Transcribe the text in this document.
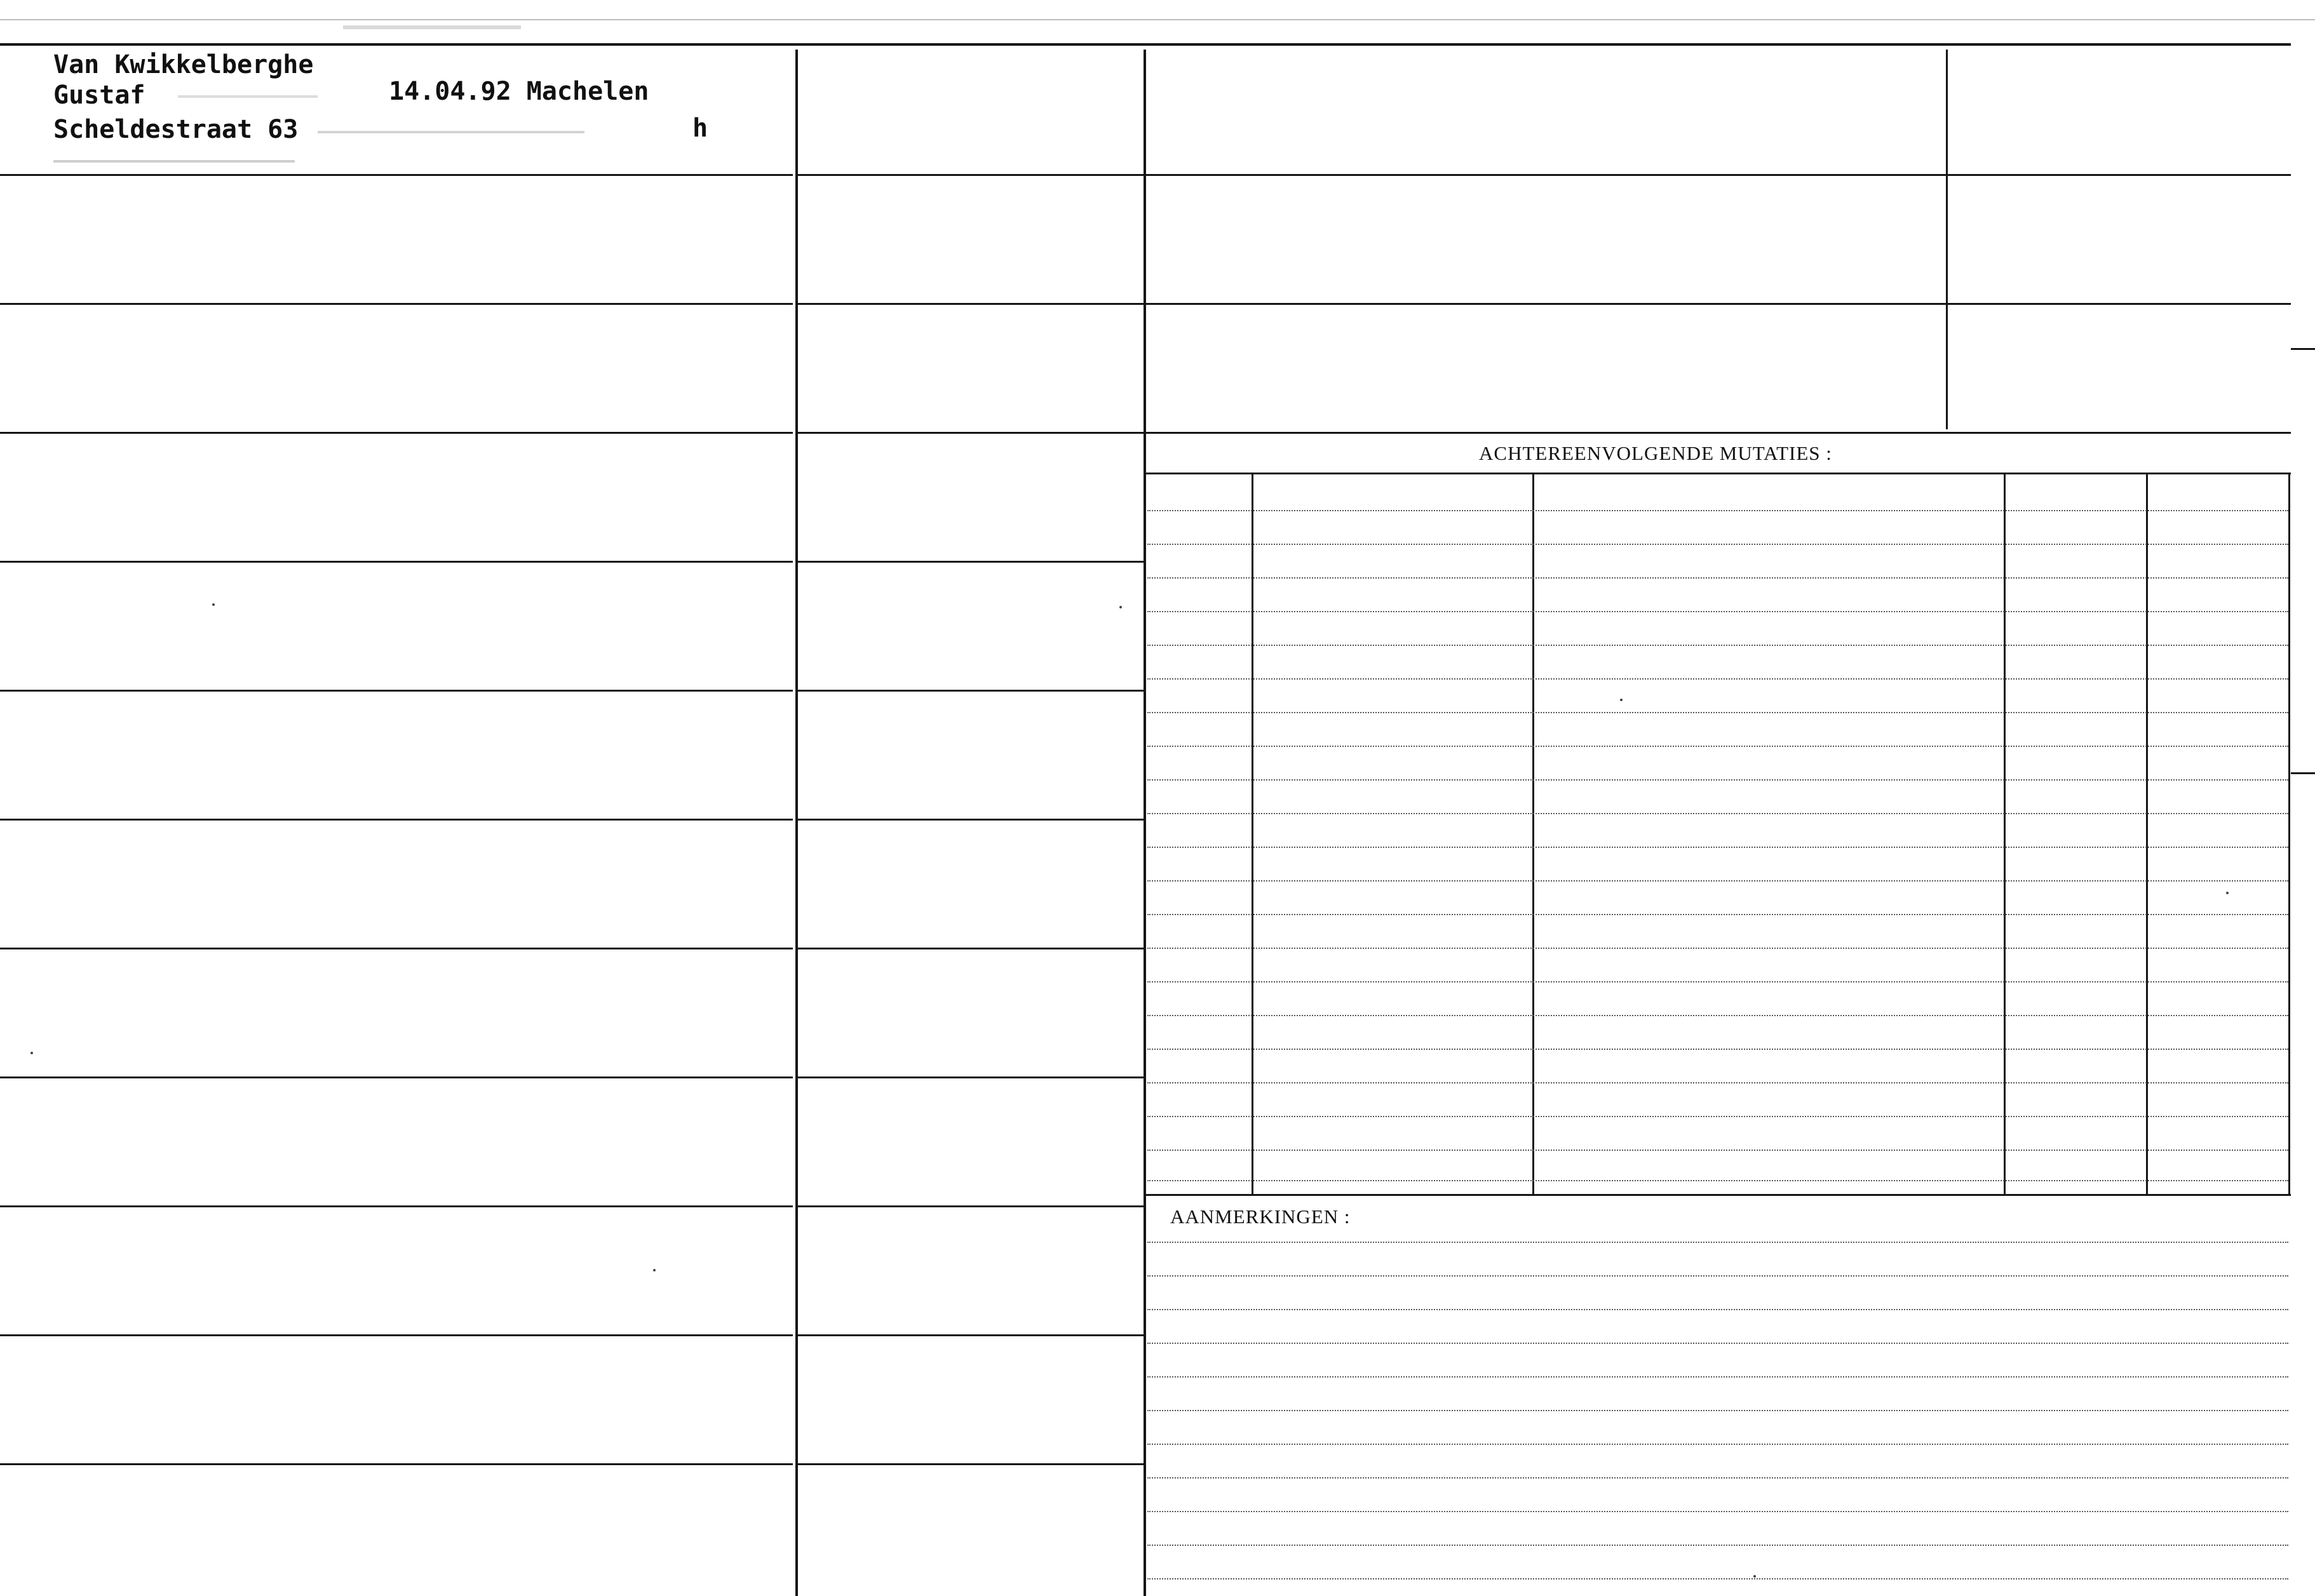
Van Kwikkelberghe
Gustaf	14.04.92 Machelen
Scheldestraat 63	h
ACHTEREENVOLGENDE MUTATIES :
AANMERKINGEN :
